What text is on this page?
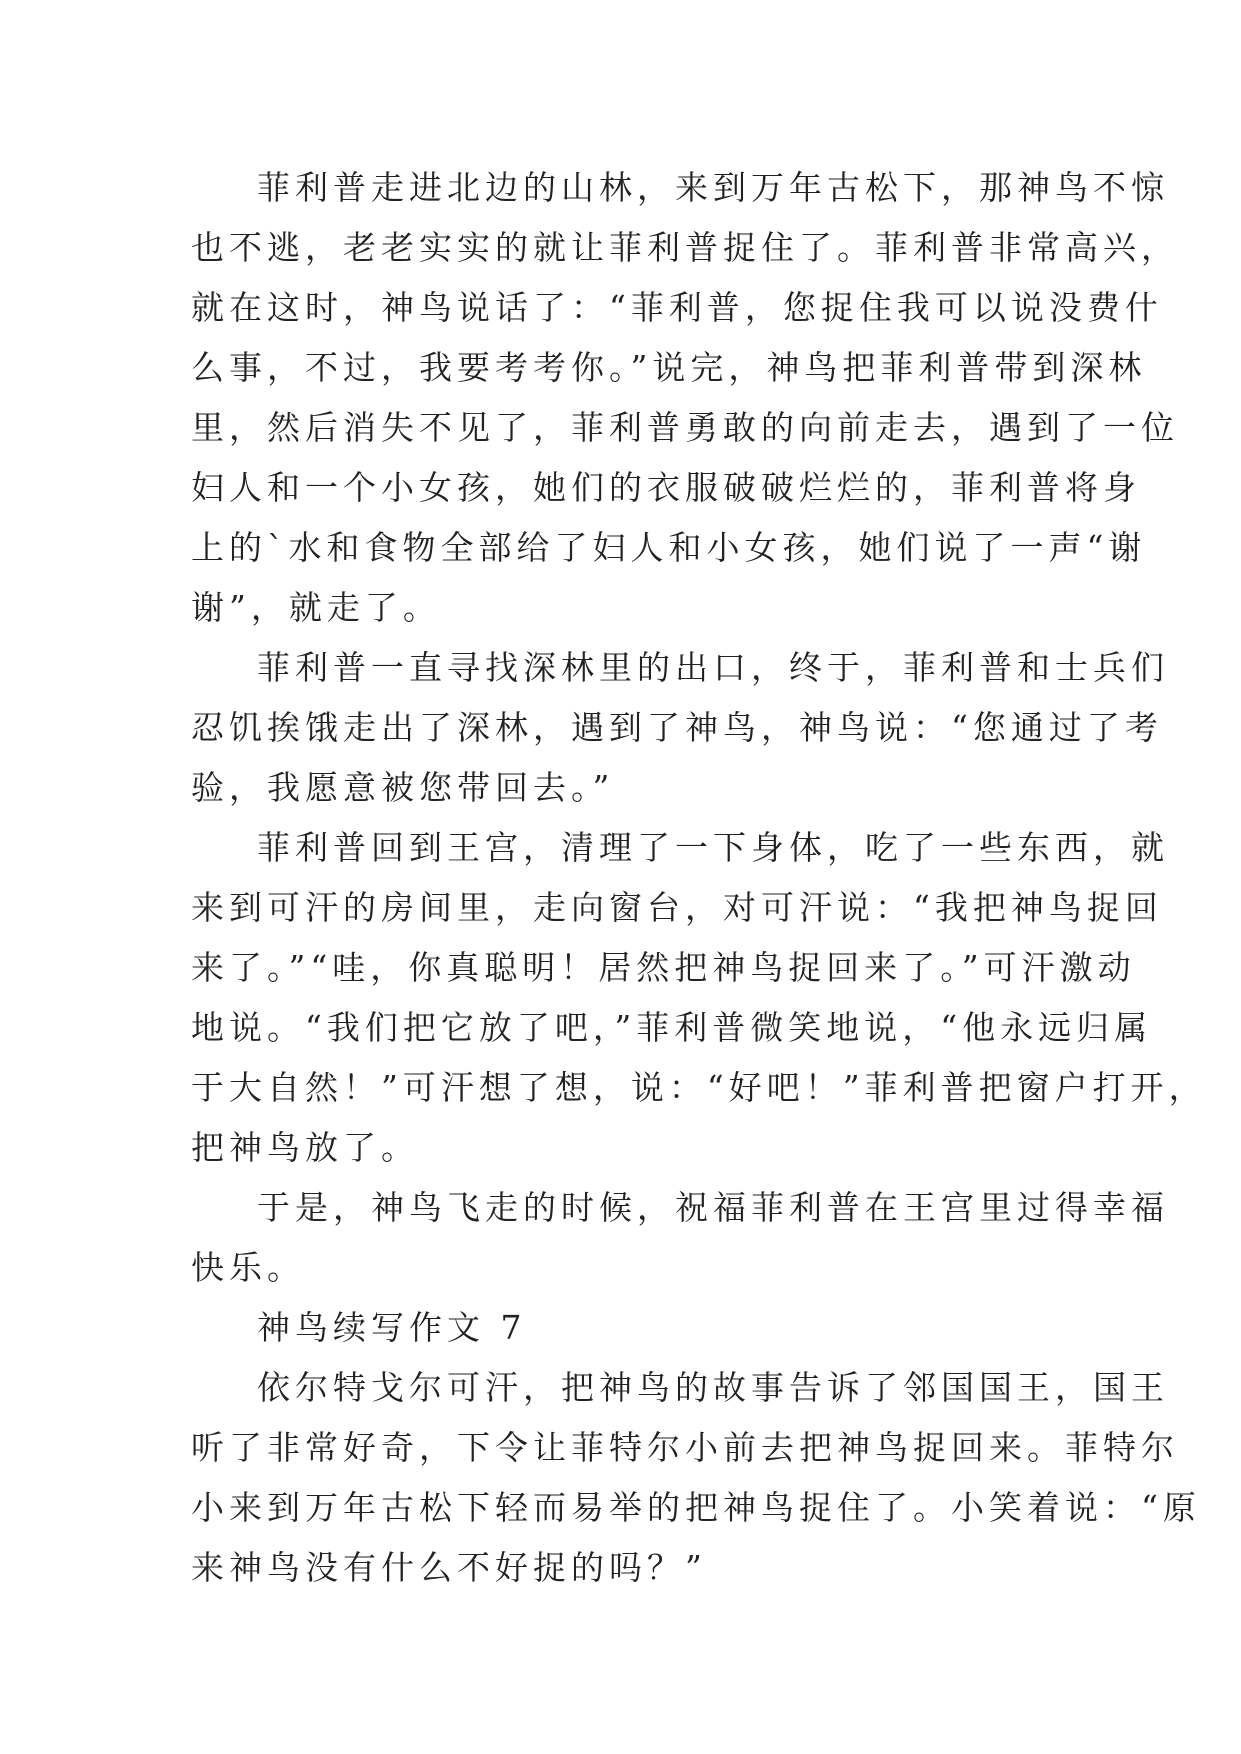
菲利普走进北边的山林，来到万年古松下，那神鸟不惊
也不逃，老老实实的就让菲利普捉住了。菲利普非常高兴，
就在这时，神鸟说话了：“菲利普，您捉住我可以说没费什
么事，不过，我要考考你。”说完，神鸟把菲利普带到深林
里，然后消失不见了，菲利普勇敢的向前走去，遇到了一位
妇人和一个小女孩，她们的衣服破破烂烂的，菲利普将身
上的`水和食物全部给了妇人和小女孩，她们说了一声“谢
谢”，就走了。
菲利普一直寻找深林里的出口，终于，菲利普和士兵们
忍饥挨饿走出了深林，遇到了神鸟，神鸟说：“您通过了考
验，我愿意被您带回去。”
菲利普回到王宫，清理了一下身体，吃了一些东西，就
来到可汗的房间里，走向窗台，对可汗说：“我把神鸟捉回
来了。”“哇，你真聪明！居然把神鸟捉回来了。”可汗激动
地说。“我们把它放了吧，”菲利普微笑地说，“他永远归属
于大自然！”可汗想了想，说：“好吧！”菲利普把窗户打开，
把神鸟放了。
于是，神鸟飞走的时候，祝福菲利普在王宫里过得幸福
快乐。
神鸟续写作文 7
依尔特戈尔可汗，把神鸟的故事告诉了邻国国王，国王
听了非常好奇，下令让菲特尔小前去把神鸟捉回来。菲特尔
小来到万年古松下轻而易举的把神鸟捉住了。小笑着说：“原
来神鸟没有什么不好捉的吗？”
